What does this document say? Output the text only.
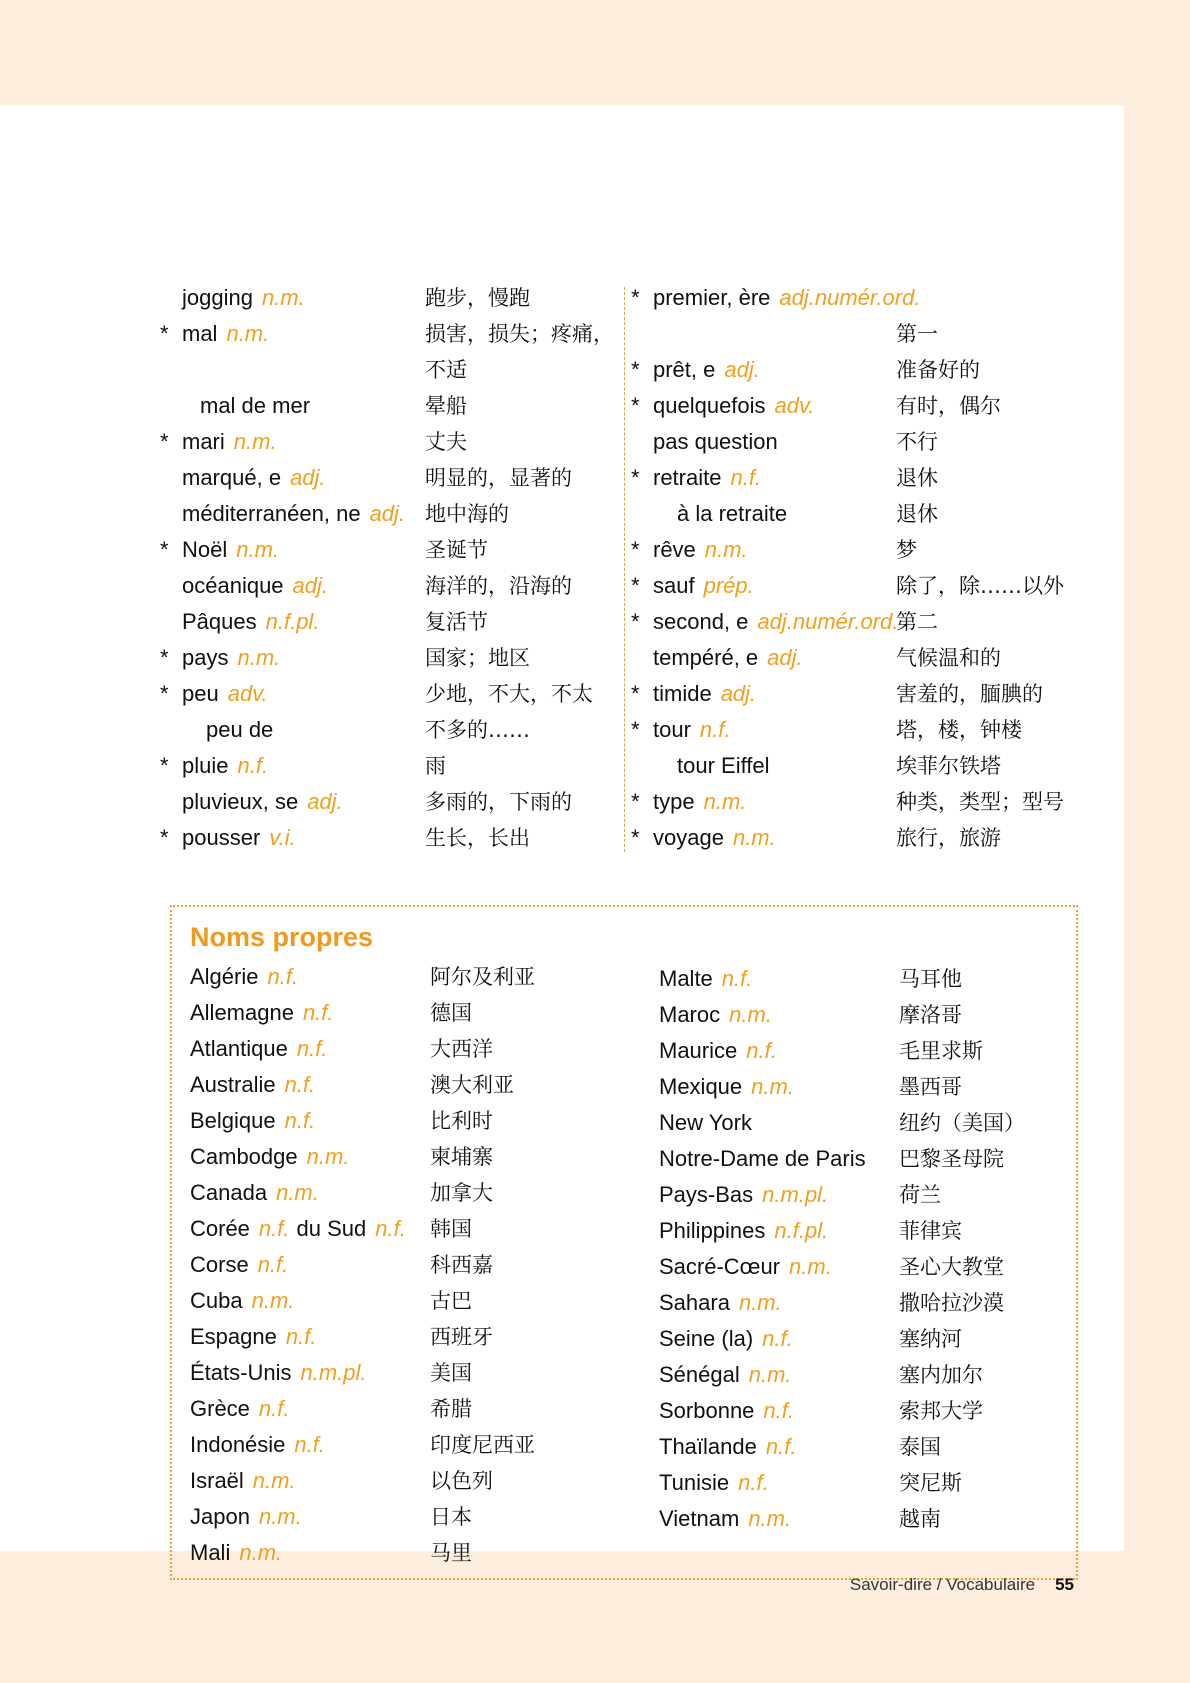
jogging n.m.	跑步，慢跑
* mal n.m.	损害，损失；疼痛，
不适
mal de mer	晕船
* mari n.m.	丈夫
marqué, e adj.	明显的，显著的
méditerranéen, ne adj. 地中海的
* Noël n.m.	圣诞节
océanique adj.	海洋的，沿海的
Pâques n.f.pl.	复活节
* pays n.m.	国家；地区
* peu adv.	少地，不大，不太
peu de	不多的……
* pluie n.f.	雨
pluvieux, se adj.	多雨的，下雨的
* pousser v.i.	生长，长出
* premier, ère adj.numér.ord.
第一
* prêt, e adj.	准备好的
* quelquefois adv.	有时，偶尔
pas question	不行
* retraite n.f.	退休
à la retraite	退休
* rêve n.m.	梦
* sauf prép.	除了，除……以外
* second, e adj.numér.ord.
第二
tempéré, e adj.	气候温和的
* timide adj.	害羞的，腼腆的
* tour n.f.	塔，楼，钟楼
tour Eiffel	埃菲尔铁塔
* type n.m.	种类，类型；型号
* voyage n.m.	旅行，旅游
Noms propres
Algérie n.f.	阿尔及利亚
Allemagne n.f.	德国
Atlantique n.f.	大西洋
Australie n.f.	澳大利亚
Belgique n.f.	比利时
Cambodge n.m.	柬埔寨
Canada n.m.	加拿大
Corée n.f. du Sud n.f. 韩国
Corse n.f.	科西嘉
Cuba n.m.	古巴
Espagne n.f.	西班牙
États-Unis n.m.pl.	美国
Grèce n.f.	希腊
Indonésie n.f.	印度尼西亚
Israël n.m.	以色列
Japon n.m.	日本
Mali n.m.	马里
Malte n.f.	马耳他
Maroc n.m.	摩洛哥
Maurice n.f.	毛里求斯
Mexique n.m.	墨西哥
New York	纽约（美国）
Notre-Dame de Paris 巴黎圣母院
Pays-Bas n.m.pl.	荷兰
Philippines n.f.pl.	菲律宾
Sacré-Cœur n.m.	圣心大教堂
Sahara n.m.	撒哈拉沙漠
Seine (la) n.f.	塞纳河
Sénégal n.m.	塞内加尔
Sorbonne n.f.	索邦大学
Thaïlande n.f.	泰国
Tunisie n.f.	突尼斯
Vietnam n.m.	越南
Savoir-dire / Vocabulaire 55
